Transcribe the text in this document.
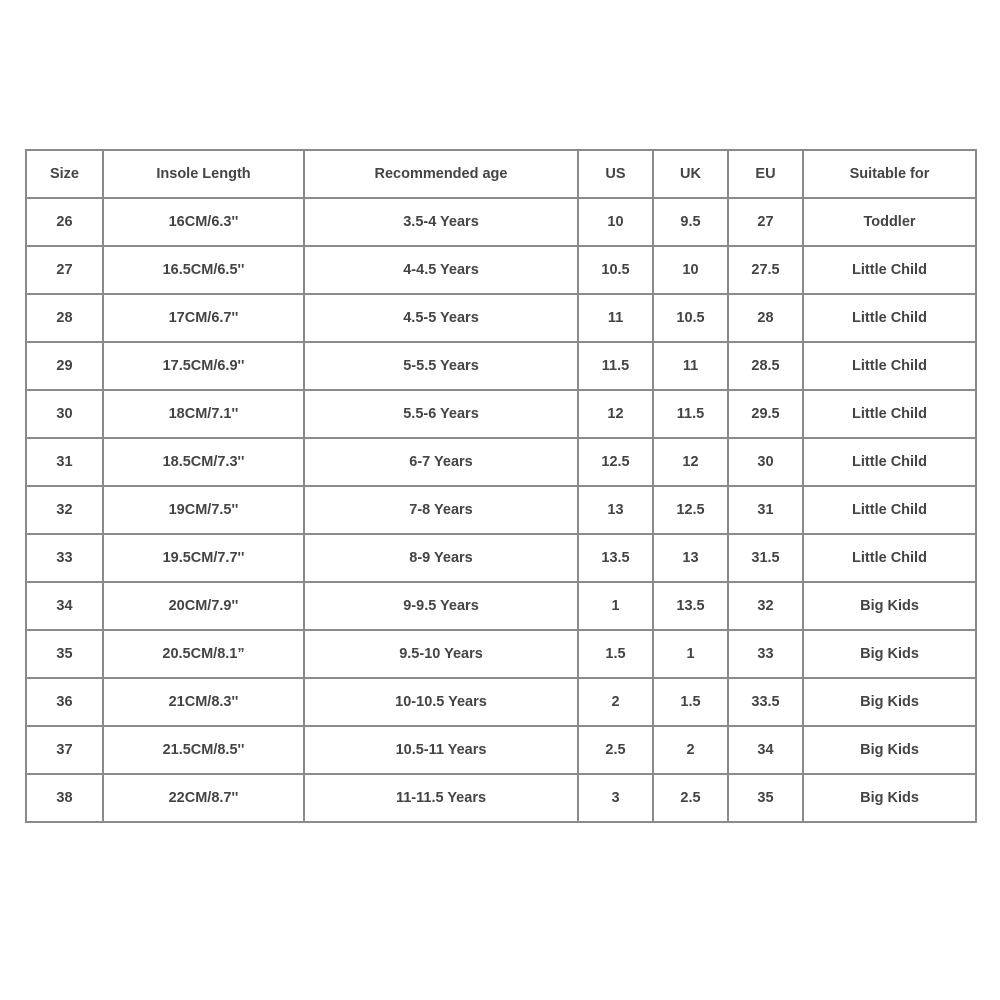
Size	Insole Length	Recommended age	US	UK	EU	Suitable for
26	16CM/6.3''	3.5-4 Years	10	9.5	27	Toddler
27	16.5CM/6.5''	4-4.5 Years	10.5	10	27.5	Little Child
28	17CM/6.7''	4.5-5 Years	11	10.5	28	Little Child
29	17.5CM/6.9''	5-5.5 Years	11.5	11	28.5	Little Child
30	18CM/7.1''	5.5-6 Years	12	11.5	29.5	Little Child
31	18.5CM/7.3''	6-7 Years	12.5	12	30	Little Child
32	19CM/7.5''	7-8 Years	13	12.5	31	Little Child
33	19.5CM/7.7''	8-9 Years	13.5	13	31.5	Little Child
34	20CM/7.9''	9-9.5 Years	1	13.5	32	Big Kids
35	20.5CM/8.1”	9.5-10 Years	1.5	1	33	Big Kids
36	21CM/8.3''	10-10.5 Years	2	1.5	33.5	Big Kids
37	21.5CM/8.5''	10.5-11 Years	2.5	2	34	Big Kids
38	22CM/8.7''	11-11.5 Years	3	2.5	35	Big Kids
